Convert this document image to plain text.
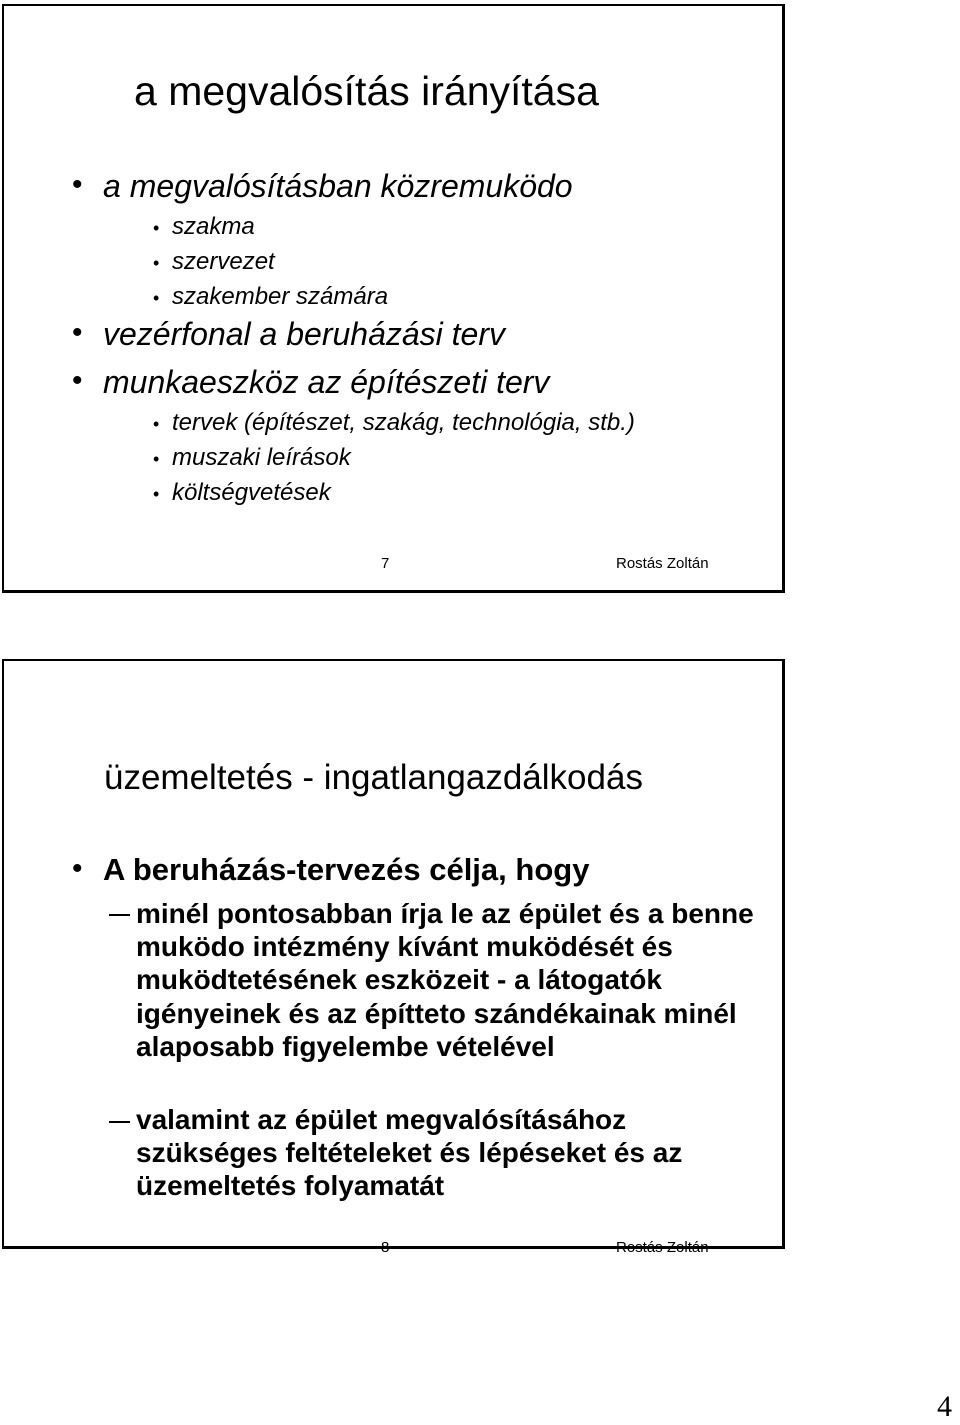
a megvalósítás irányítása
• a megvalósításban közremuködo
• szakma
• szervezet
• szakember számára
• vezérfonal a beruházási terv
• munkaeszköz az építészeti terv
• tervek (építészet, szakág, technológia, stb.)
• muszaki leírások
• költségvetések
7	Rostás Zoltán
üzemeltetés - ingatlangazdálkodás
• A beruházás-tervezés célja, hogy
minél pontosabban írja le az épület és a benne muködo intézmény kívánt muködését és muködtetésének eszközeit - a látogatók igényeinek és az építteto szándékainak minél alaposabb figyelembe vételével
valamint az épület megvalósításához szükséges feltételeket és lépéseket és az üzemeltetés folyamatát
8	Rostás Zoltán
4
